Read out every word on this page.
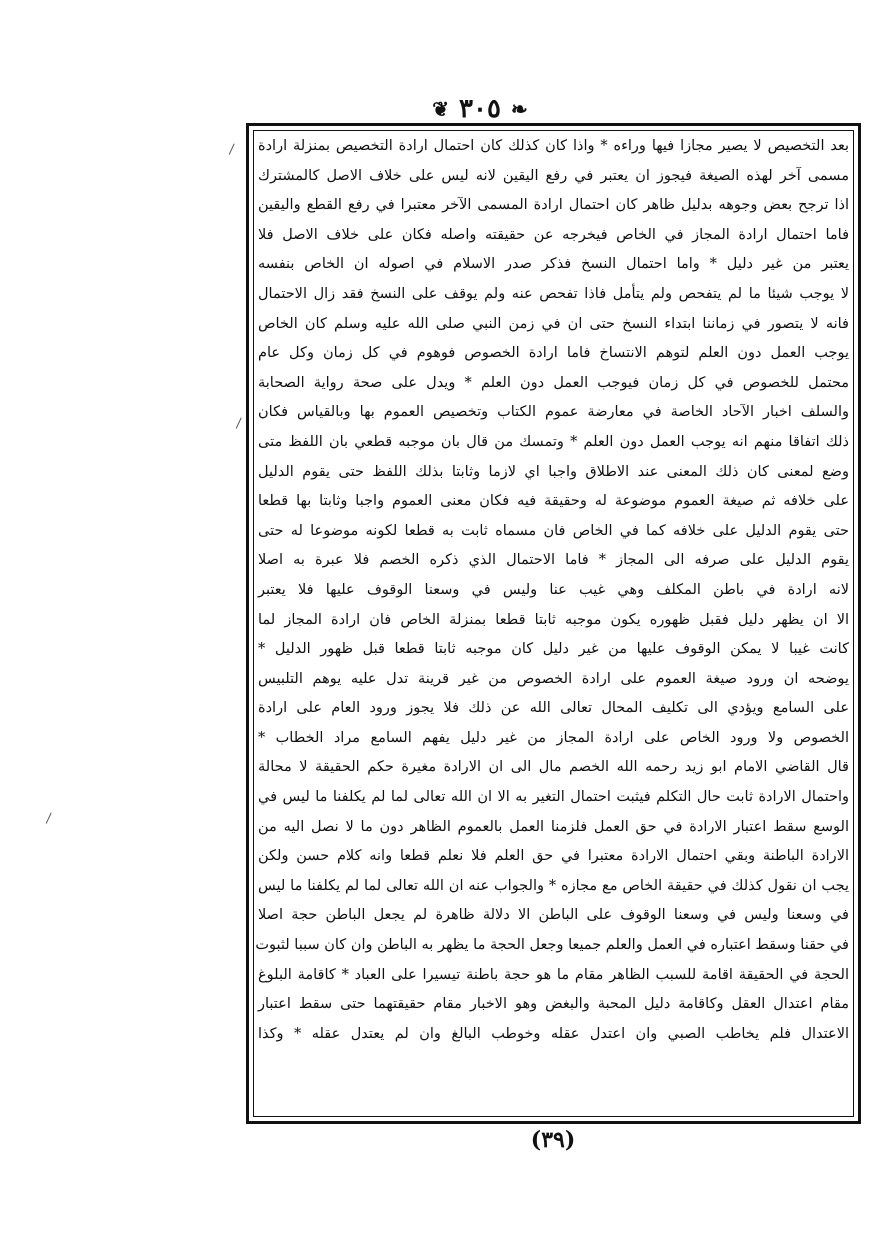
❦ ٣٠٥ ❧
بعد التخصيص لا يصير مجازا فيها وراءه * واذا كان كذلك كان احتمال ارادة التخصيص بمنزلة ارادة
مسمى آخر لهذه الصيغة فيجوز ان يعتبر في رفع اليقين لانه ليس على خلاف الاصل كالمشترك
اذا ترجح بعض وجوهه بدليل ظاهر كان احتمال ارادة المسمى الآخر معتبرا في رفع القطع واليقين
فاما احتمال ارادة المجاز في الخاص فيخرجه عن حقيقته واصله فكان على خلاف الاصل فلا
يعتبر من غير دليل * واما احتمال النسخ فذكر صدر الاسلام في اصوله ان الخاص بنفسه
لا يوجب شيئا ما لم يتفحص ولم يتأمل فاذا تفحص عنه ولم يوقف على النسخ فقد زال الاحتمال
فانه لا يتصور في زماننا ابتداء النسخ حتى ان في زمن النبي صلى الله عليه وسلم كان الخاص
يوجب العمل دون العلم لتوهم الانتساخ فاما ارادة الخصوص فوهوم في كل زمان وكل عام
محتمل للخصوص في كل زمان فيوجب العمل دون العلم * ويدل على صحة رواية الصحابة
والسلف اخبار الآحاد الخاصة في معارضة عموم الكتاب وتخصيص العموم بها وبالقياس فكان
ذلك اتفاقا منهم انه يوجب العمل دون العلم * وتمسك من قال بان موجبه قطعي بان اللفظ متى
وضع لمعنى كان ذلك المعنى عند الاطلاق واجبا اي لازما وثابتا بذلك اللفظ حتى يقوم الدليل
على خلافه ثم صيغة العموم موضوعة له وحقيقة فيه فكان معنى العموم واجبا وثابتا بها قطعا
حتى يقوم الدليل على خلافه كما في الخاص فان مسماه ثابت به قطعا لكونه موضوعا له حتى
يقوم الدليل على صرفه الى المجاز * فاما الاحتمال الذي ذكره الخصم فلا عبرة به اصلا
لانه ارادة في باطن المكلف وهي غيب عنا وليس في وسعنا الوقوف عليها فلا يعتبر
الا ان يظهر دليل فقبل ظهوره يكون موجبه ثابتا قطعا بمنزلة الخاص فان ارادة المجاز لما
كانت غيبا لا يمكن الوقوف عليها من غير دليل كان موجبه ثابتا قطعا قبل ظهور الدليل *
يوضحه ان ورود صيغة العموم على ارادة الخصوص من غير قرينة تدل عليه يوهم التلبيس
على السامع ويؤدي الى تكليف المحال تعالى الله عن ذلك فلا يجوز ورود العام على ارادة
الخصوص ولا ورود الخاص على ارادة المجاز من غير دليل يفهم السامع مراد الخطاب *
قال القاضي الامام ابو زيد رحمه الله الخصم مال الى ان الارادة مغيرة حكم الحقيقة لا محالة
واحتمال الارادة ثابت حال التكلم فيثبت احتمال التغير به الا ان الله تعالى لما لم يكلفنا ما ليس في
الوسع سقط اعتبار الارادة في حق العمل فلزمنا العمل بالعموم الظاهر دون ما لا نصل اليه من
الارادة الباطنة وبقي احتمال الارادة معتبرا في حق العلم فلا نعلم قطعا وانه كلام حسن ولكن
يجب ان نقول كذلك في حقيقة الخاص مع مجازه * والجواب عنه ان الله تعالى لما لم يكلفنا ما ليس
في وسعنا وليس في وسعنا الوقوف على الباطن الا دلالة ظاهرة لم يجعل الباطن حجة اصلا
في حقنا وسقط اعتباره في العمل والعلم جميعا وجعل الحجة ما يظهر به الباطن وان كان سببا لثبوت
الحجة في الحقيقة اقامة للسبب الظاهر مقام ما هو حجة باطنة تيسيرا على العباد * كاقامة البلوغ
مقام اعتدال العقل وكاقامة دليل المحبة والبغض وهو الاخبار مقام حقيقتهما حتى سقط اعتبار
الاعتدال فلم يخاطب الصبي وان اعتدل عقله وخوطب البالغ وان لم يعتدل عقله * وكذا
(٣٩)
